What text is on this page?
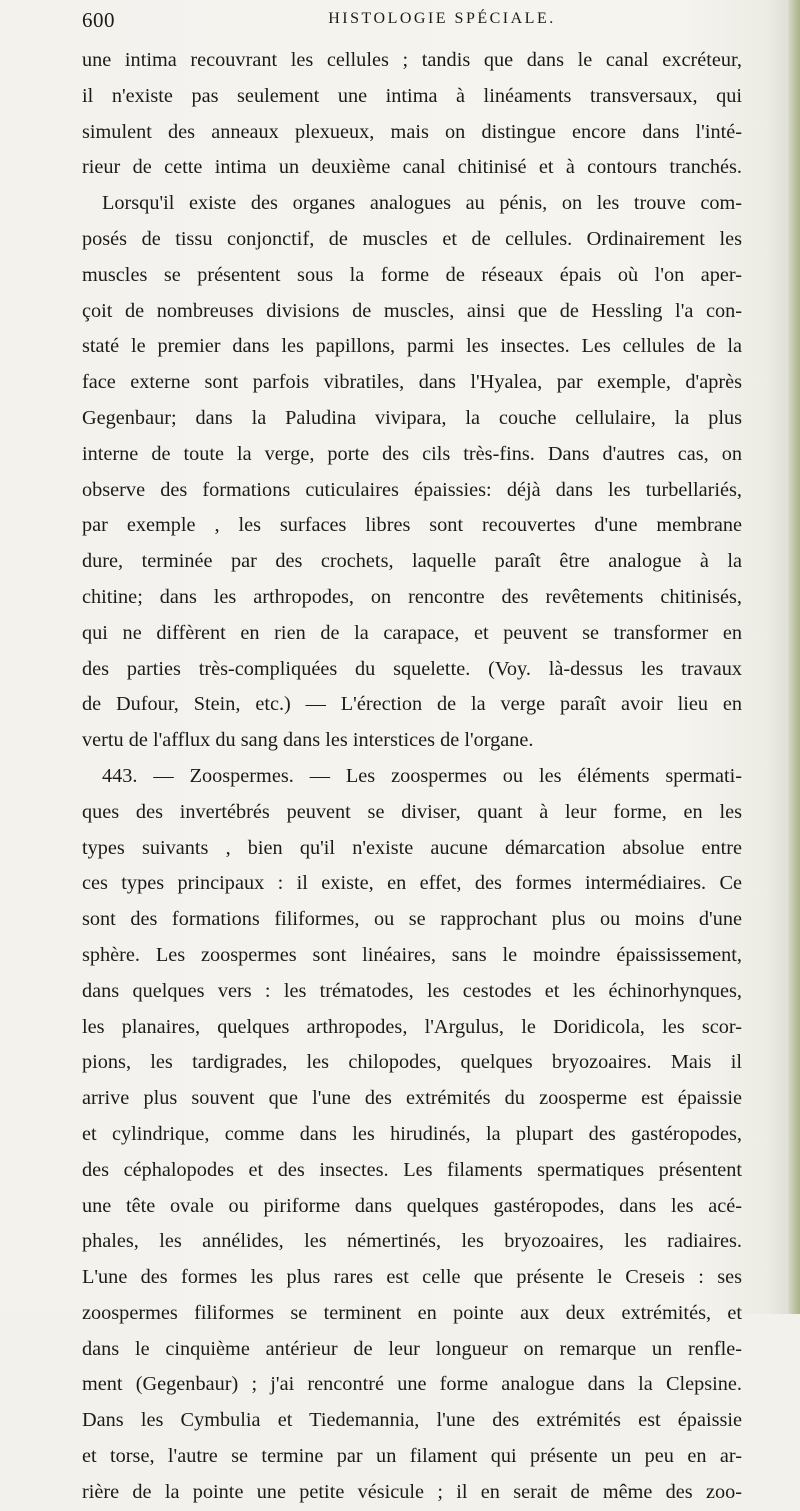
600	HISTOLOGIE SPÉCIALE.
une intima recouvrant les cellules ; tandis que dans le canal excréteur,
il n'existe pas seulement une intima à linéaments transversaux, qui
simulent des anneaux plexueux, mais on distingue encore dans l'inté-
rieur de cette intima un deuxième canal chitinisé et à contours tranchés.
Lorsqu'il existe des organes analogues au pénis, on les trouve com-
posés de tissu conjonctif, de muscles et de cellules. Ordinairement les
muscles se présentent sous la forme de réseaux épais où l'on aper-
çoit de nombreuses divisions de muscles, ainsi que de Hessling l'a con-
staté le premier dans les papillons, parmi les insectes. Les cellules de la
face externe sont parfois vibratiles, dans l'Hyalea, par exemple, d'après
Gegenbaur; dans la Paludina vivipara, la couche cellulaire, la plus
interne de toute la verge, porte des cils très-fins. Dans d'autres cas, on
observe des formations cuticulaires épaissies: déjà dans les turbellariés,
par exemple , les surfaces libres sont recouvertes d'une membrane
dure, terminée par des crochets, laquelle paraît être analogue à la
chitine; dans les arthropodes, on rencontre des revêtements chitinisés,
qui ne diffèrent en rien de la carapace, et peuvent se transformer en
des parties très-compliquées du squelette. (Voy. là-dessus les travaux
de Dufour, Stein, etc.) — L'érection de la verge paraît avoir lieu en
vertu de l'afflux du sang dans les interstices de l'organe.
443. — Zoospermes. — Les zoospermes ou les éléments spermati-
ques des invertébrés peuvent se diviser, quant à leur forme, en les
types suivants , bien qu'il n'existe aucune démarcation absolue entre
ces types principaux : il existe, en effet, des formes intermédiaires. Ce
sont des formations filiformes, ou se rapprochant plus ou moins d'une
sphère. Les zoospermes sont linéaires, sans le moindre épaississement,
dans quelques vers : les trématodes, les cestodes et les échinorhynques,
les planaires, quelques arthropodes, l'Argulus, le Doridicola, les scor-
pions, les tardigrades, les chilopodes, quelques bryozoaires. Mais il
arrive plus souvent que l'une des extrémités du zoosperme est épaissie
et cylindrique, comme dans les hirudinés, la plupart des gastéropodes,
des céphalopodes et des insectes. Les filaments spermatiques présentent
une tête ovale ou piriforme dans quelques gastéropodes, dans les acé-
phales, les annélides, les némertinés, les bryozoaires, les radiaires.
L'une des formes les plus rares est celle que présente le Creseis : ses
zoospermes filiformes se terminent en pointe aux deux extrémités, et
dans le cinquième antérieur de leur longueur on remarque un renfle-
ment (Gegenbaur) ; j'ai rencontré une forme analogue dans la Clepsine.
Dans les Cymbulia et Tiedemannia, l'une des extrémités est épaissie
et torse, l'autre se termine par un filament qui présente un peu en ar-
rière de la pointe une petite vésicule ; il en serait de même des zoo-
